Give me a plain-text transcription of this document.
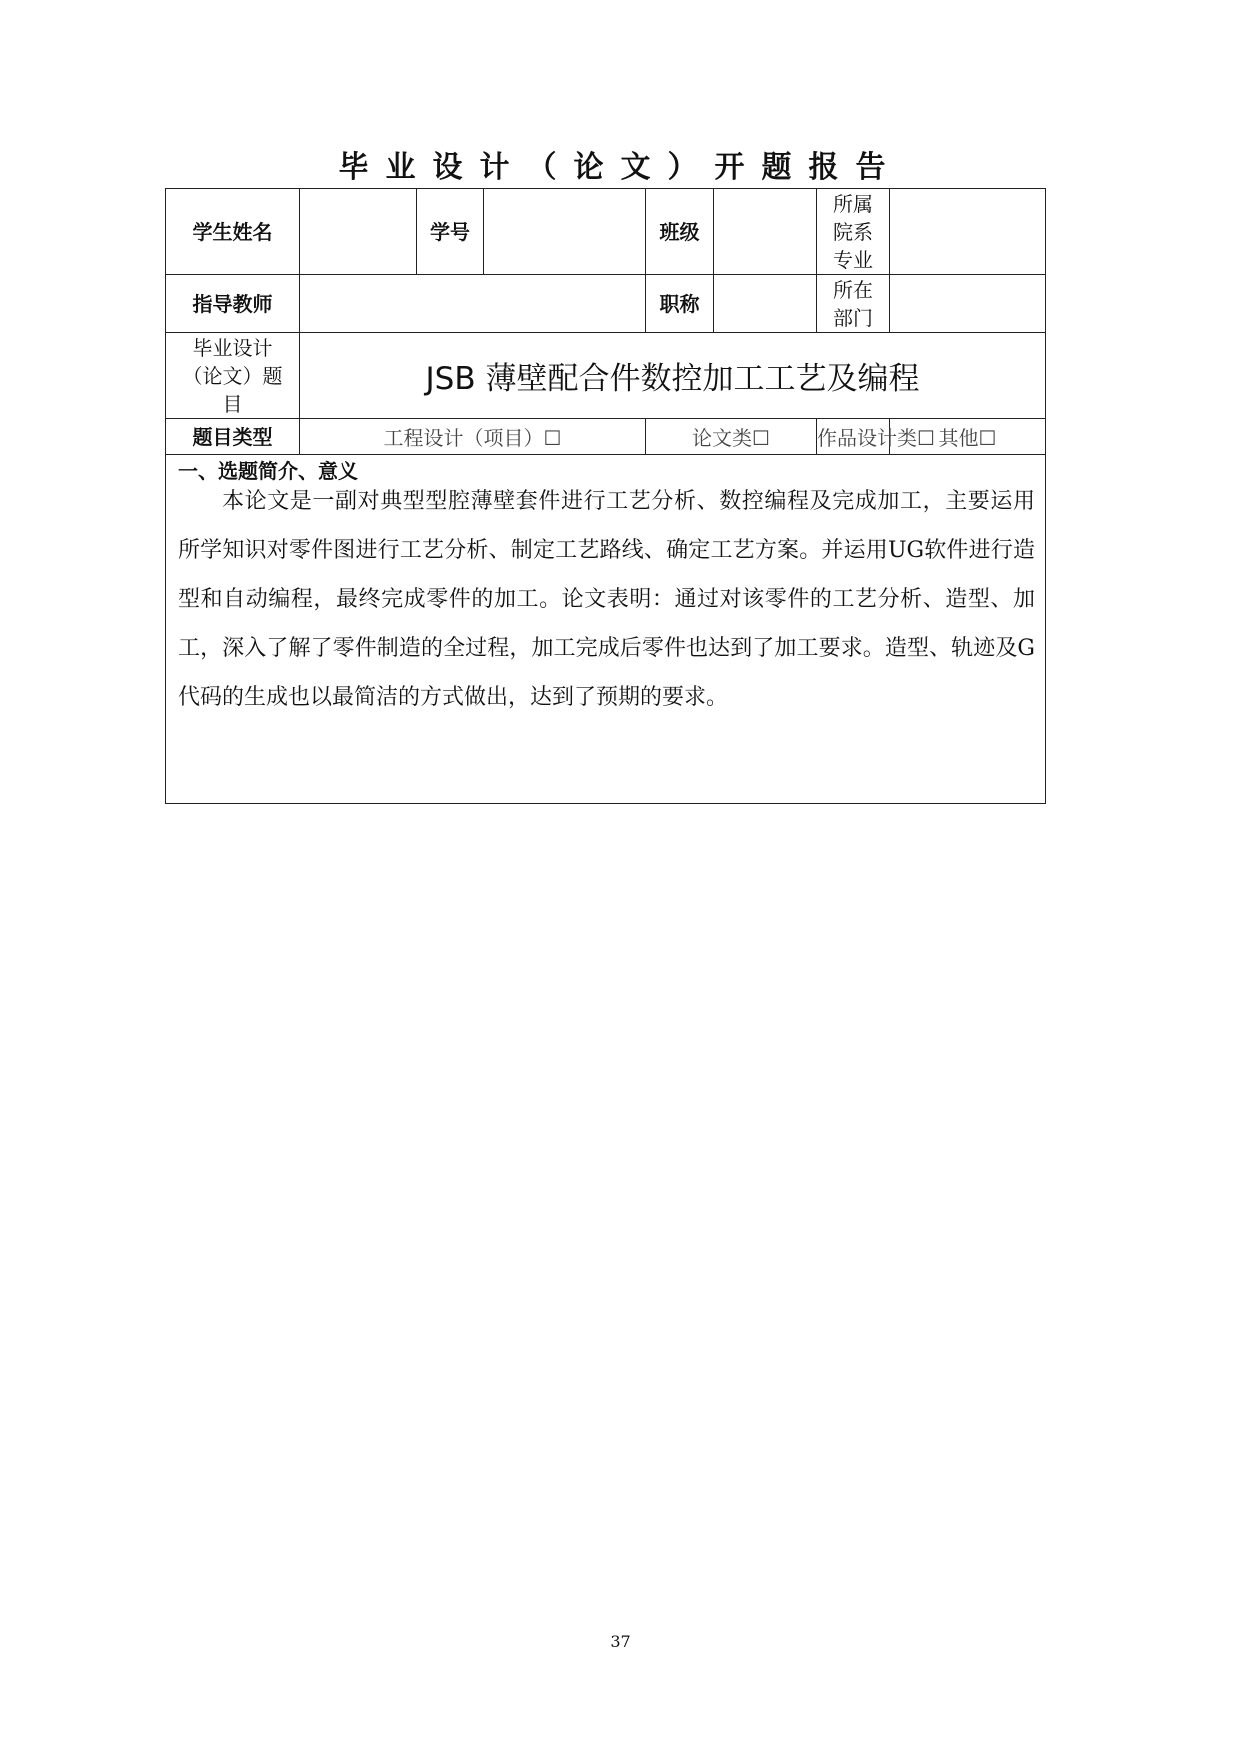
毕业设计（论文）开题报告
学生姓名		学号		班级		所属院系专业	
指导教师				职称		所在部门	
毕业设计（论文）题目	JSB 薄壁配合件数控加工工艺及编程						
题目类型	工程设计（项目）☐			论文类☐		作品设计类☐	其他☐

一、选题简介、意义
本论文是一副对典型型腔薄壁套件进行工艺分析、数控编程及完成加工，主要运用所学知识对零件图进行工艺分析、制定工艺路线、确定工艺方案。并运用UG软件进行造型和自动编程，最终完成零件的加工。论文表明：通过对该零件的工艺分析、造型、加工，深入了解了零件制造的全过程，加工完成后零件也达到了加工要求。造型、轨迹及G代码的生成也以最简洁的方式做出，达到了预期的要求。							
37
